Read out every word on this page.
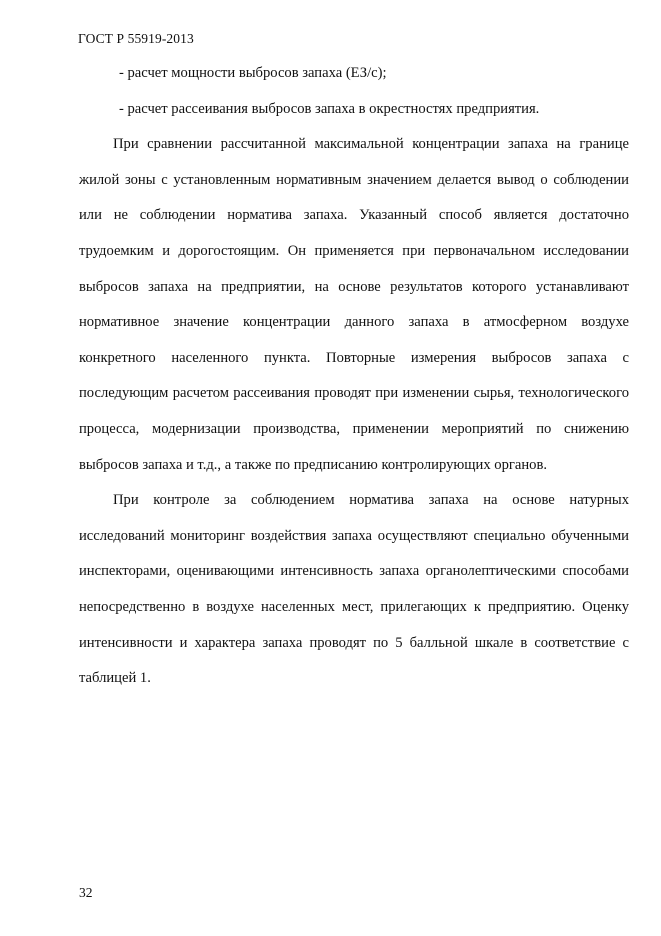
ГОСТ Р 55919-2013

- расчет мощности выбросов запаха (ЕЗ/с);

- расчет рассеивания выбросов запаха в окрестностях предприятия.

При сравнении рассчитанной максимальной концентрации запаха на границе жилой зоны с установленным нормативным значением делается вывод о соблюдении или не соблюдении норматива запаха. Указанный способ является достаточно трудоемким и дорогостоящим. Он применяется при первоначальном исследовании выбросов запаха на предприятии, на основе результатов которого устанавливают нормативное значение концентрации данного запаха в атмосферном воздухе конкретного населенного пункта. Повторные измерения выбросов запаха с последующим расчетом рассеивания проводят при изменении сырья, технологического процесса, модернизации производства, применении мероприятий по снижению выбросов запаха и т.д., а также по предписанию контролирующих органов.

При контроле за соблюдением норматива запаха на основе натурных исследований мониторинг воздействия запаха осуществляют специально обученными инспекторами, оценивающими интенсивность запаха органолептическими способами непосредственно в воздухе населенных мест, прилегающих к предприятию. Оценку интенсивности и характера запаха проводят по 5 балльной шкале в соответствие с таблицей 1.

32
